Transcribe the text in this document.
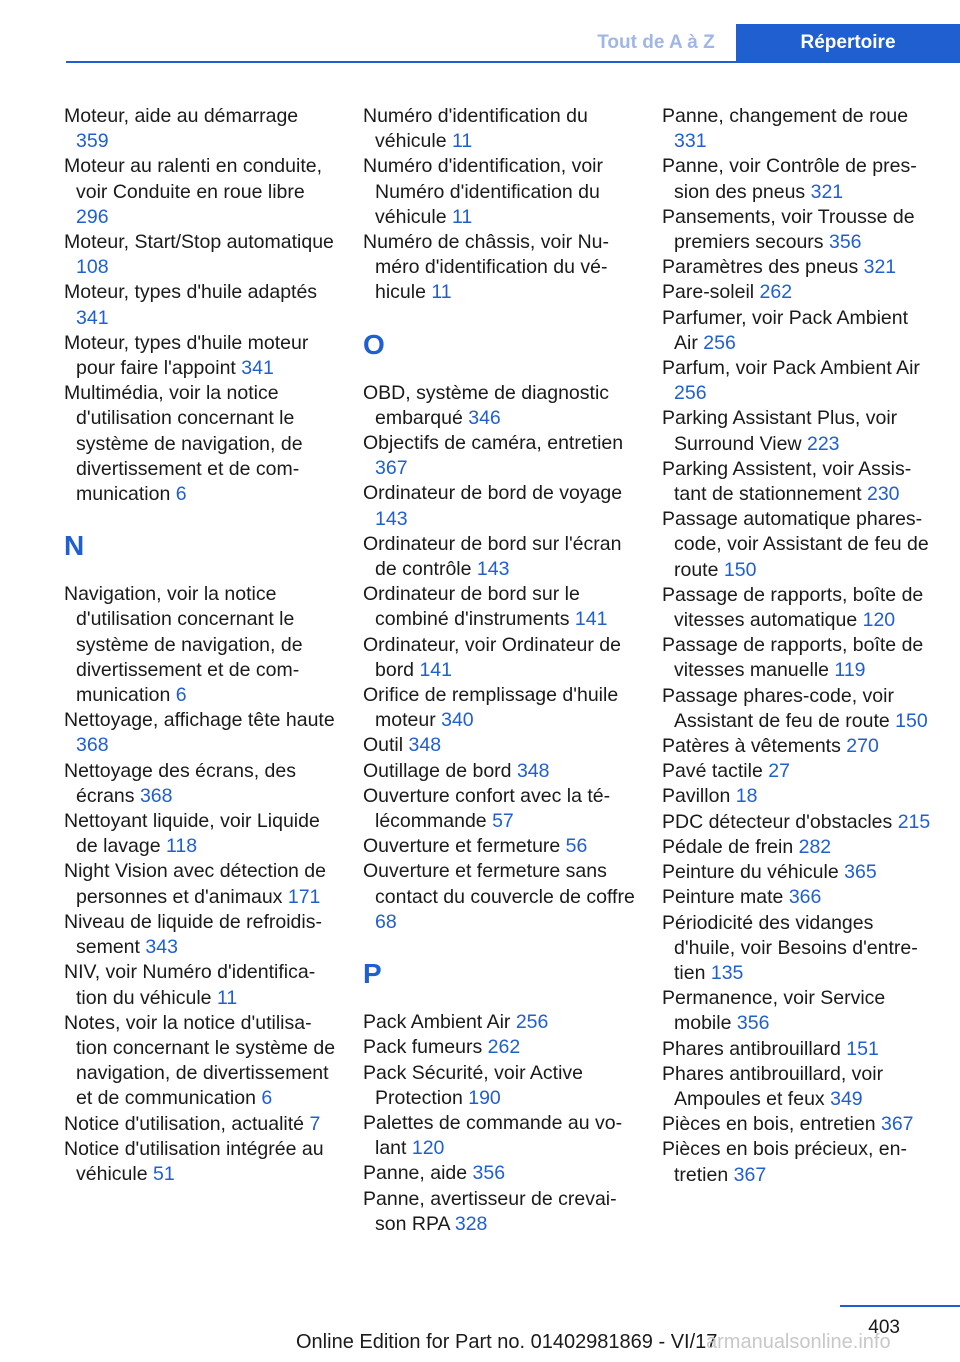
Tout de A à Z	Répertoire
Moteur, aide au démarrage 359
Moteur au ralenti en conduite, voir Conduite en roue libre 296
Moteur, Start/Stop automatique 108
Moteur, types d'huile adaptés 341
Moteur, types d'huile moteur pour faire l'appoint 341
Multimédia, voir la notice d'utilisation concernant le système de navigation, de divertissement et de communication 6
N
Navigation, voir la notice d'utilisation concernant le système de navigation, de divertissement et de communication 6
Nettoyage, affichage tête haute 368
Nettoyage des écrans, des écrans 368
Nettoyant liquide, voir Liquide de lavage 118
Night Vision avec détection de personnes et d'animaux 171
Niveau de liquide de refroidissement 343
NIV, voir Numéro d'identification du véhicule 11
Notes, voir la notice d'utilisation concernant le système de navigation, de divertissement et de communication 6
Notice d'utilisation, actualité 7
Notice d'utilisation intégrée au véhicule 51
Numéro d'identification du véhicule 11
Numéro d'identification, voir Numéro d'identification du véhicule 11
Numéro de châssis, voir Numéro d'identification du véhicule 11
O
OBD, système de diagnostic embarqué 346
Objectifs de caméra, entretien 367
Ordinateur de bord de voyage 143
Ordinateur de bord sur l'écran de contrôle 143
Ordinateur de bord sur le combiné d'instruments 141
Ordinateur, voir Ordinateur de bord 141
Orifice de remplissage d'huile moteur 340
Outil 348
Outillage de bord 348
Ouverture confort avec la télécommande 57
Ouverture et fermeture 56
Ouverture et fermeture sans contact du couvercle de coffre 68
P
Pack Ambient Air 256
Pack fumeurs 262
Pack Sécurité, voir Active Protection 190
Palettes de commande au volant 120
Panne, aide 356
Panne, avertisseur de crevaison RPA 328
Panne, changement de roue 331
Panne, voir Contrôle de pression des pneus 321
Pansements, voir Trousse de premiers secours 356
Paramètres des pneus 321
Pare-soleil 262
Parfumer, voir Pack Ambient Air 256
Parfum, voir Pack Ambient Air 256
Parking Assistant Plus, voir Surround View 223
Parking Assistent, voir Assistant de stationnement 230
Passage automatique phares-code, voir Assistant de feu de route 150
Passage de rapports, boîte de vitesses automatique 120
Passage de rapports, boîte de vitesses manuelle 119
Passage phares-code, voir Assistant de feu de route 150
Patères à vêtements 270
Pavé tactile 27
Pavillon 18
PDC détecteur d'obstacles 215
Pédale de frein 282
Peinture du véhicule 365
Peinture mate 366
Périodicité des vidanges d'huile, voir Besoins d'entretien 135
Permanence, voir Service mobile 356
Phares antibrouillard 151
Phares antibrouillard, voir Ampoules et feux 349
Pièces en bois, entretien 367
Pièces en bois précieux, entretien 367
403
Online Edition for Part no. 01402981869 - VI/17
armanualsonline.info
